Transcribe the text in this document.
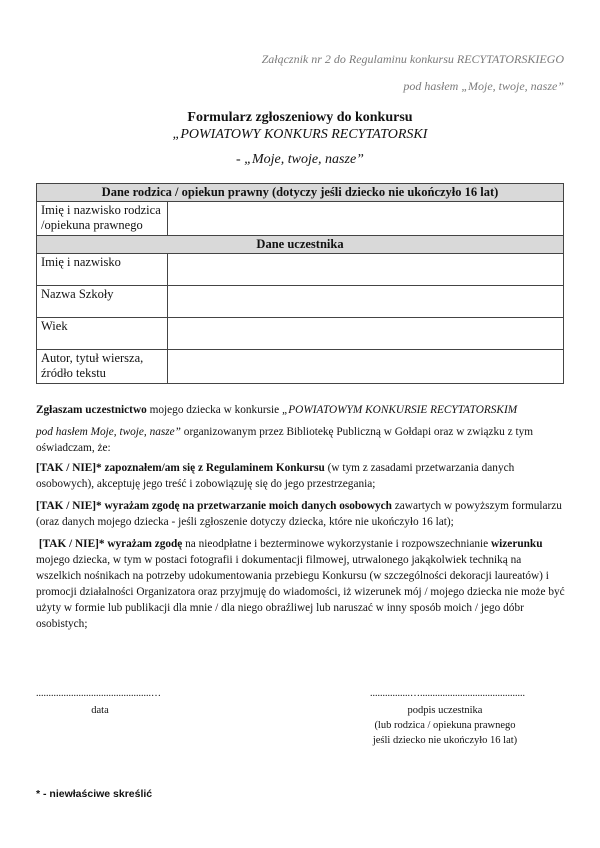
Załącznik nr 2 do Regulaminu konkursu RECYTATORSKIEGO
pod hasłem „Moje, twoje, nasze”
Formularz zgłoszeniowy do konkursu
„POWIATOWY KONKURS RECYTATORSKI
- „Moje, twoje, nasze”
Dane rodzica / opiekun prawny (dotyczy jeśli dziecko nie ukończyło 16 lat)	
Imię i nazwisko rodzica /opiekuna prawnego	
Dane uczestnika	
Imię i nazwisko	
Nazwa Szkoły	
Wiek	
Autor, tytuł wiersza, źródło tekstu	
Zgłaszam uczestnictwo mojego dziecka w konkursie „POWIATOWYM KONKURSIE RECYTATORSKIM
pod hasłem Moje, twoje, nasze” organizowanym przez Bibliotekę Publiczną w Gołdapi oraz w związku z tym oświadczam, że:
[TAK / NIE]* zapoznałem/am się z Regulaminem Konkursu (w tym z zasadami przetwarzania danych osobowych), akceptuję jego treść i zobowiązuję się do jego przestrzegania;
[TAK / NIE]* wyrażam zgodę na przetwarzanie moich danych osobowych zawartych w powyższym formularzu (oraz danych mojego dziecka - jeśli zgłoszenie dotyczy dziecka, które nie ukończyło 16 lat);
[TAK / NIE]* wyrażam zgodę na nieodpłatne i bezterminowe wykorzystanie i rozpowszechnianie wizerunku mojego dziecka, w tym w postaci fotografii i dokumentacji filmowej, utrwalonego jakąkolwiek techniką na wszelkich nośnikach na potrzeby udokumentowania przebiegu Konkursu (w szczególności dekoracji laureatów) i promocji działalności Organizatora oraz przyjmuję do wiadomości, iż wizerunek mój / mojego dziecka nie może być użyty w formie lub publikacji dla mnie / dla niego obraźliwej lub naruszać w inny sposób moich / jego dóbr osobistych;
..............................................…
data
................…..........................................
podpis uczestnika
(lub rodzica / opiekuna prawnego
jeśli dziecko nie ukończyło 16 lat)
* - niewłaściwe skreślić
